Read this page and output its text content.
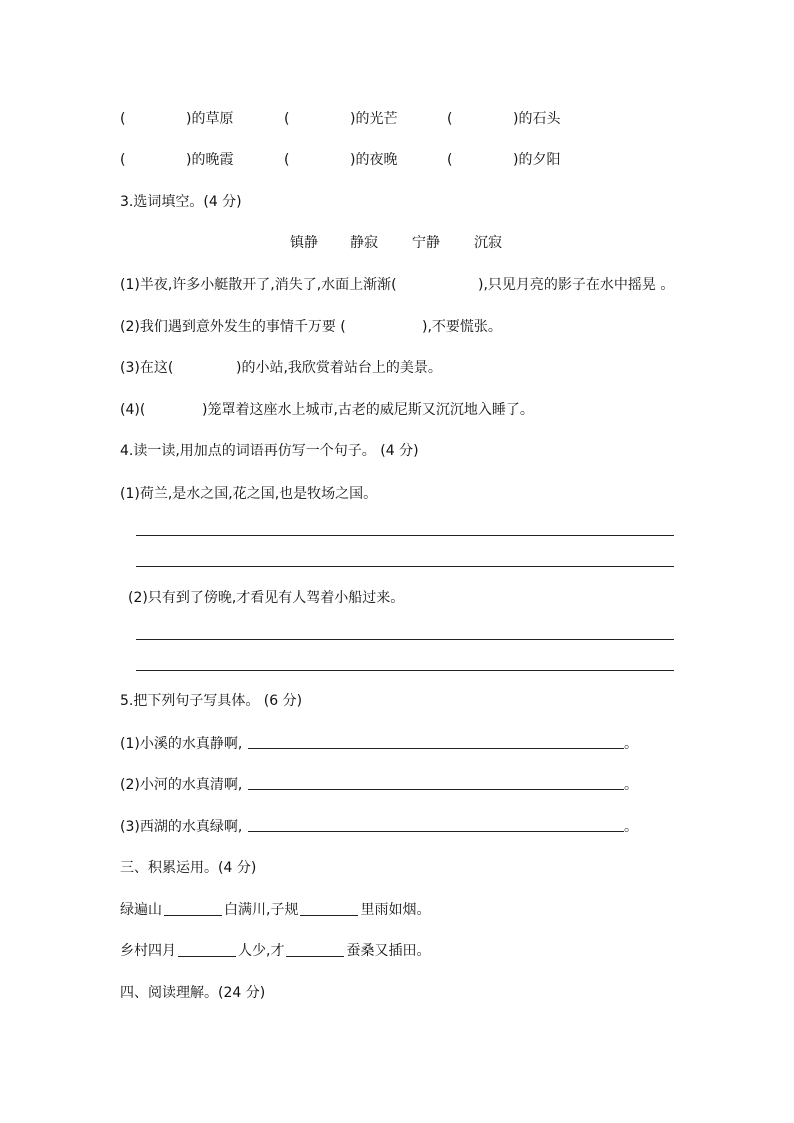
(	)的草原	(	)的光芒	(	)的石头
(	)的晚霞	(	)的夜晚	(	)的夕阳
3.选词填空。(4 分)
镇静 静寂 宁静 沉寂
(1)半夜,许多小艇散开了,消失了,水面上渐渐(	),只见月亮的影子在水中摇晃 。
(2)我们遇到意外发生的事情千万要 (	),不要慌张。
(3)在这(	)的小站,我欣赏着站台上的美景。
(4)(	)笼罩着这座水上城市,古老的威尼斯又沉沉地入睡了。
4.读一读,用加点的词语再仿写一个句子。 (4 分)
(1)荷兰,是水之国,花之国,也是牧场之国。
(2)只有到了傍晚,才看见有人驾着小船过来。
5.把下列句子写具体。 (6 分)
(1)小溪的水真静啊,	。
(2)小河的水真清啊,	。
(3)西湖的水真绿啊,	。
三、积累运用。(4 分)
绿遍山	白满川,子规	里雨如烟。
乡村四月	人少,才	蚕桑又插田。
四、阅读理解。(24 分)
